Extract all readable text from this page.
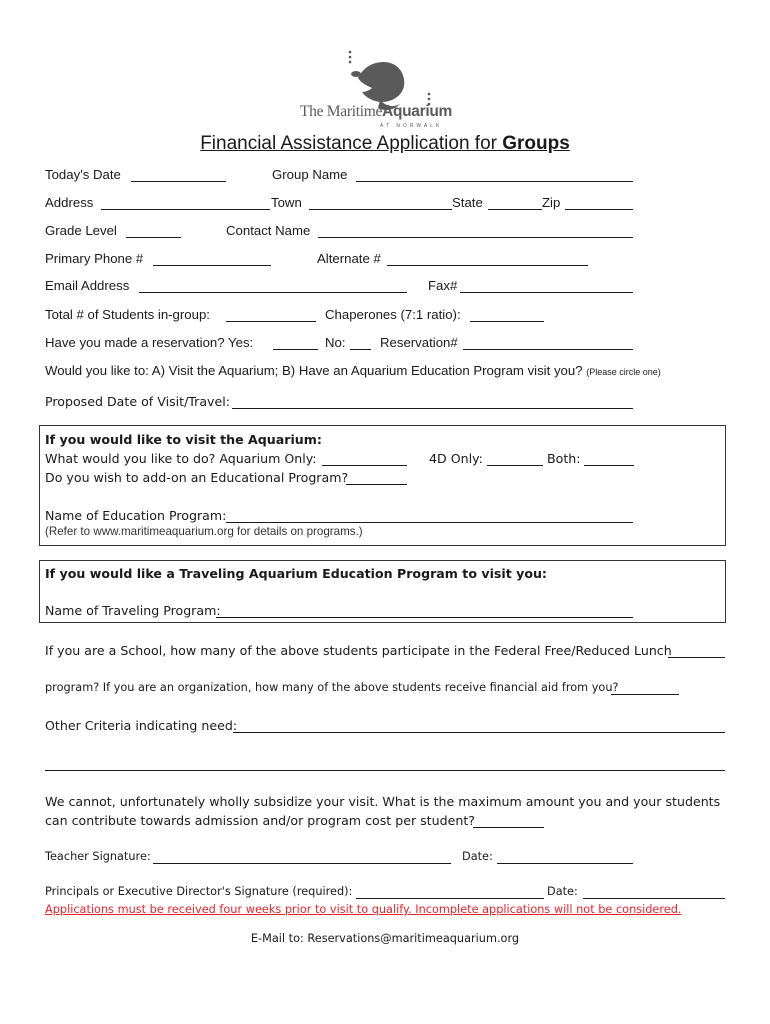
The MaritimeAquarium
AT NORWALK
Financial Assistance Application for Groups
Today's Date	Group Name
Address	Town	State	Zip
Grade Level	Contact Name
Primary Phone #	Alternate #
Email Address	Fax#
Total # of Students in-group:	Chaperones (7:1 ratio):
Have you made a reservation? Yes:	No:	Reservation#
Would you like to: A) Visit the Aquarium; B) Have an Aquarium Education Program visit you? (Please circle one)
Proposed Date of Visit/Travel:
If you would like to visit the Aquarium:
What would you like to do? Aquarium Only:	4D Only:	Both:
Do you wish to add-on an Educational Program?
Name of Education Program:
(Refer to www.maritimeaquarium.org for details on programs.)
If you would like a Traveling Aquarium Education Program to visit you:
Name of Traveling Program:
If you are a School, how many of the above students participate in the Federal Free/Reduced Lunch
program? If you are an organization, how many of the above students receive financial aid from you?
Other Criteria indicating need:
We cannot, unfortunately wholly subsidize your visit. What is the maximum amount you and your students
can contribute towards admission and/or program cost per student?
Teacher Signature:	Date:
Principals or Executive Director's Signature (required):	Date:
Applications must be received four weeks prior to visit to qualify. Incomplete applications will not be considered.
E-Mail to: Reservations@maritimeaquarium.org
